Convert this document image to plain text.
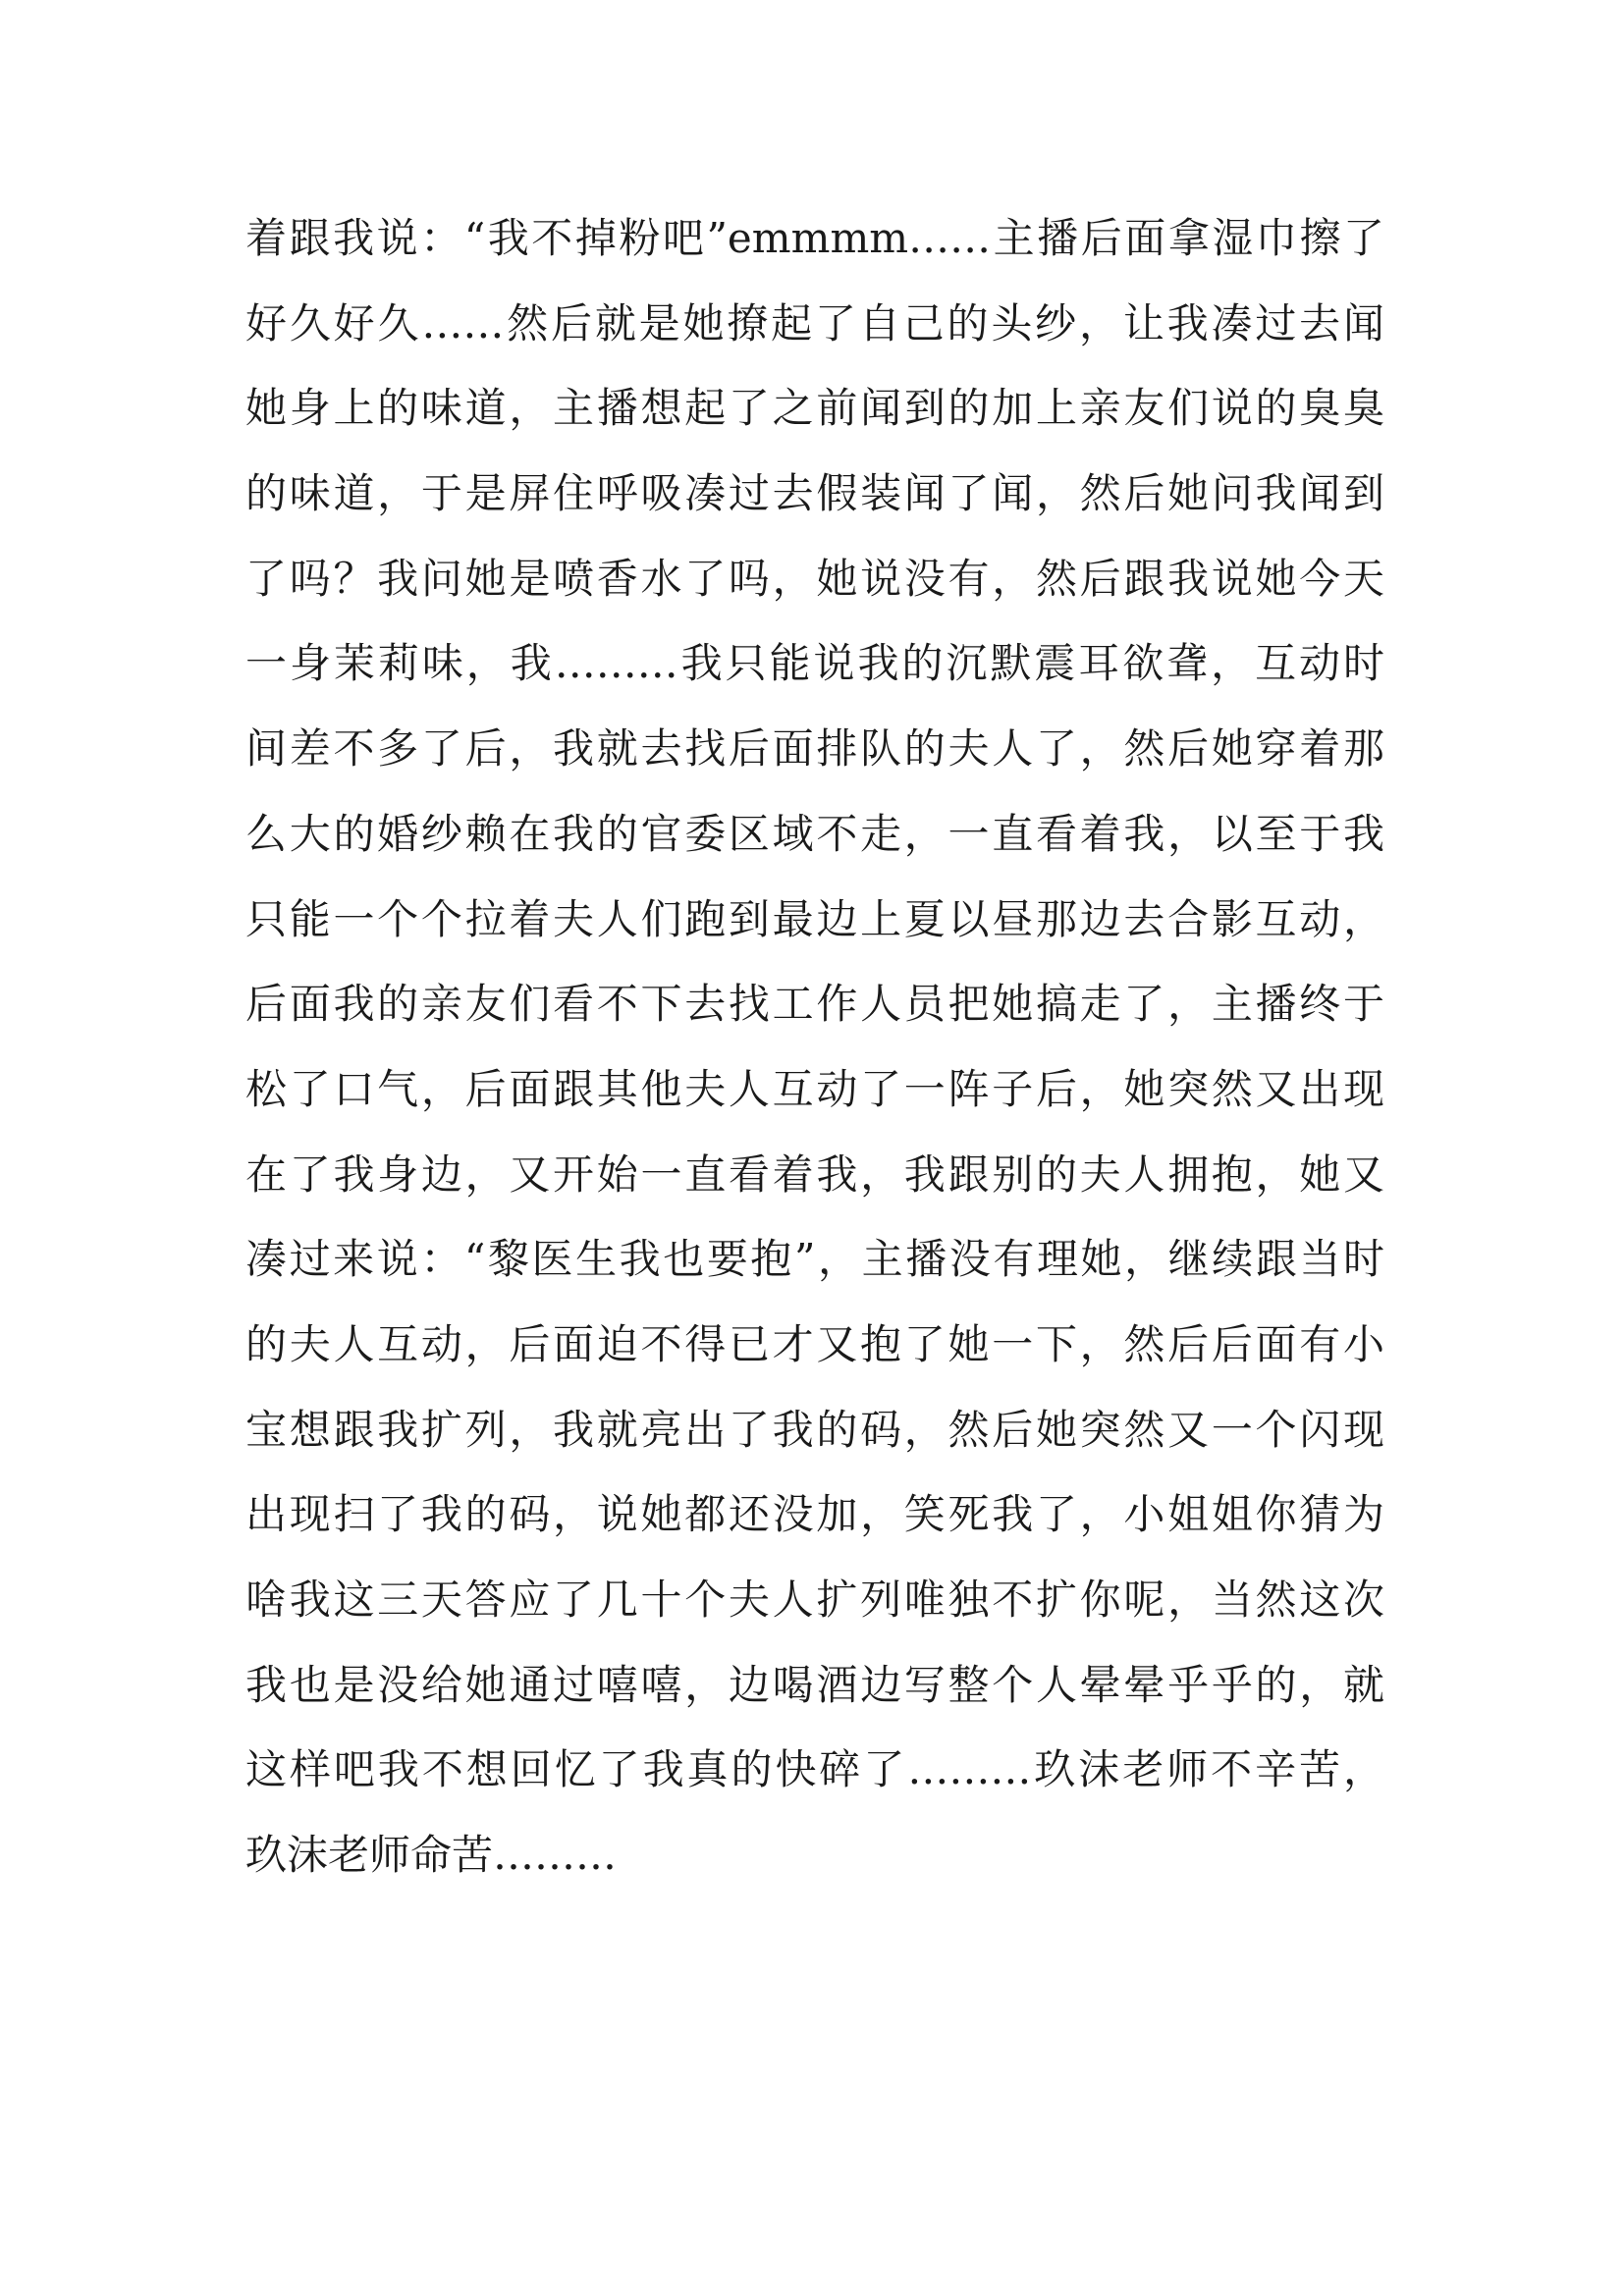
着跟我说：“我不掉粉吧”emmmm……主播后面拿湿巾擦了
好久好久……然后就是她撩起了自己的头纱，让我凑过去闻
她身上的味道，主播想起了之前闻到的加上亲友们说的臭臭
的味道，于是屏住呼吸凑过去假装闻了闻，然后她问我闻到
了吗？我问她是喷香水了吗，她说没有，然后跟我说她今天
一身茉莉味，我………我只能说我的沉默震耳欲聋，互动时
间差不多了后，我就去找后面排队的夫人了，然后她穿着那
么大的婚纱赖在我的官委区域不走，一直看着我，以至于我
只能一个个拉着夫人们跑到最边上夏以昼那边去合影互动，
后面我的亲友们看不下去找工作人员把她搞走了，主播终于
松了口气，后面跟其他夫人互动了一阵子后，她突然又出现
在了我身边，又开始一直看着我，我跟别的夫人拥抱，她又
凑过来说：“黎医生我也要抱”，主播没有理她，继续跟当时
的夫人互动，后面迫不得已才又抱了她一下，然后后面有小
宝想跟我扩列，我就亮出了我的码，然后她突然又一个闪现
出现扫了我的码，说她都还没加，笑死我了，小姐姐你猜为
啥我这三天答应了几十个夫人扩列唯独不扩你呢，当然这次
我也是没给她通过嘻嘻，边喝酒边写整个人晕晕乎乎的，就
这样吧我不想回忆了我真的快碎了………玖沫老师不辛苦，
玖沫老师命苦………
